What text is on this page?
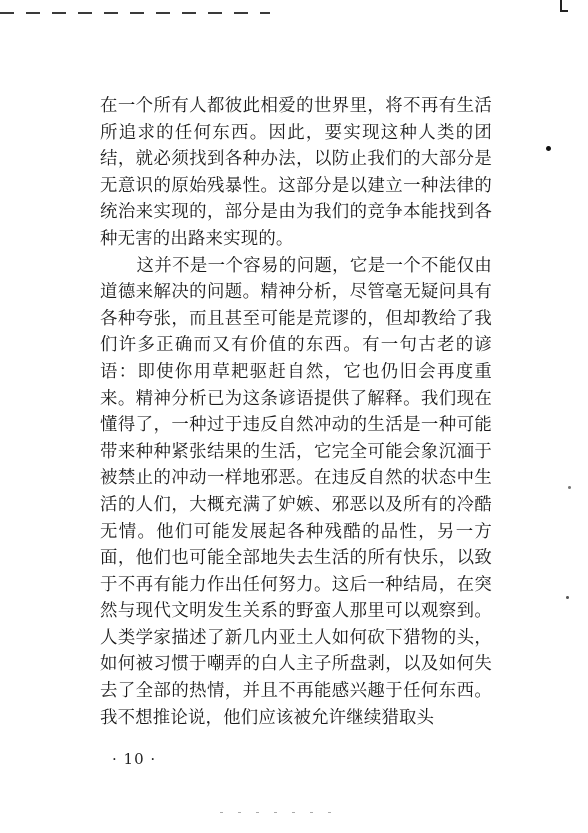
在一个所有人都彼此相爱的世界里，将不再有生活所追求的任何东西。因此，要实现这种人类的团结，就必须找到各种办法，以防止我们的大部分是无意识的原始残暴性。这部分是以建立一种法律的统治来实现的，部分是由为我们的竞争本能找到各种无害的出路来实现的。

这并不是一个容易的问题，它是一个不能仅由道德来解决的问题。精神分析，尽管毫无疑问具有各种夸张，而且甚至可能是荒谬的，但却教给了我们许多正确而又有价值的东西。有一句古老的谚语：即使你用草耙驱赶自然，它也仍旧会再度重来。精神分析已为这条谚语提供了解释。我们现在懂得了，一种过于违反自然冲动的生活是一种可能带来种种紧张结果的生活，它完全可能会象沉湎于被禁止的冲动一样地邪恶。在违反自然的状态中生活的人们，大概充满了妒嫉、邪恶以及所有的冷酷无情。他们可能发展起各种残酷的品性，另一方面，他们也可能全部地失去生活的所有快乐，以致于不再有能力作出任何努力。这后一种结局，在突然与现代文明发生关系的野蛮人那里可以观察到。人类学家描述了新几内亚土人如何砍下猎物的头，如何被习惯于嘲弄的白人主子所盘剥，以及如何失去了全部的热情，并且不再能感兴趣于任何东西。我不想推论说，他们应该被允许继续猎取头

· 10 ·
